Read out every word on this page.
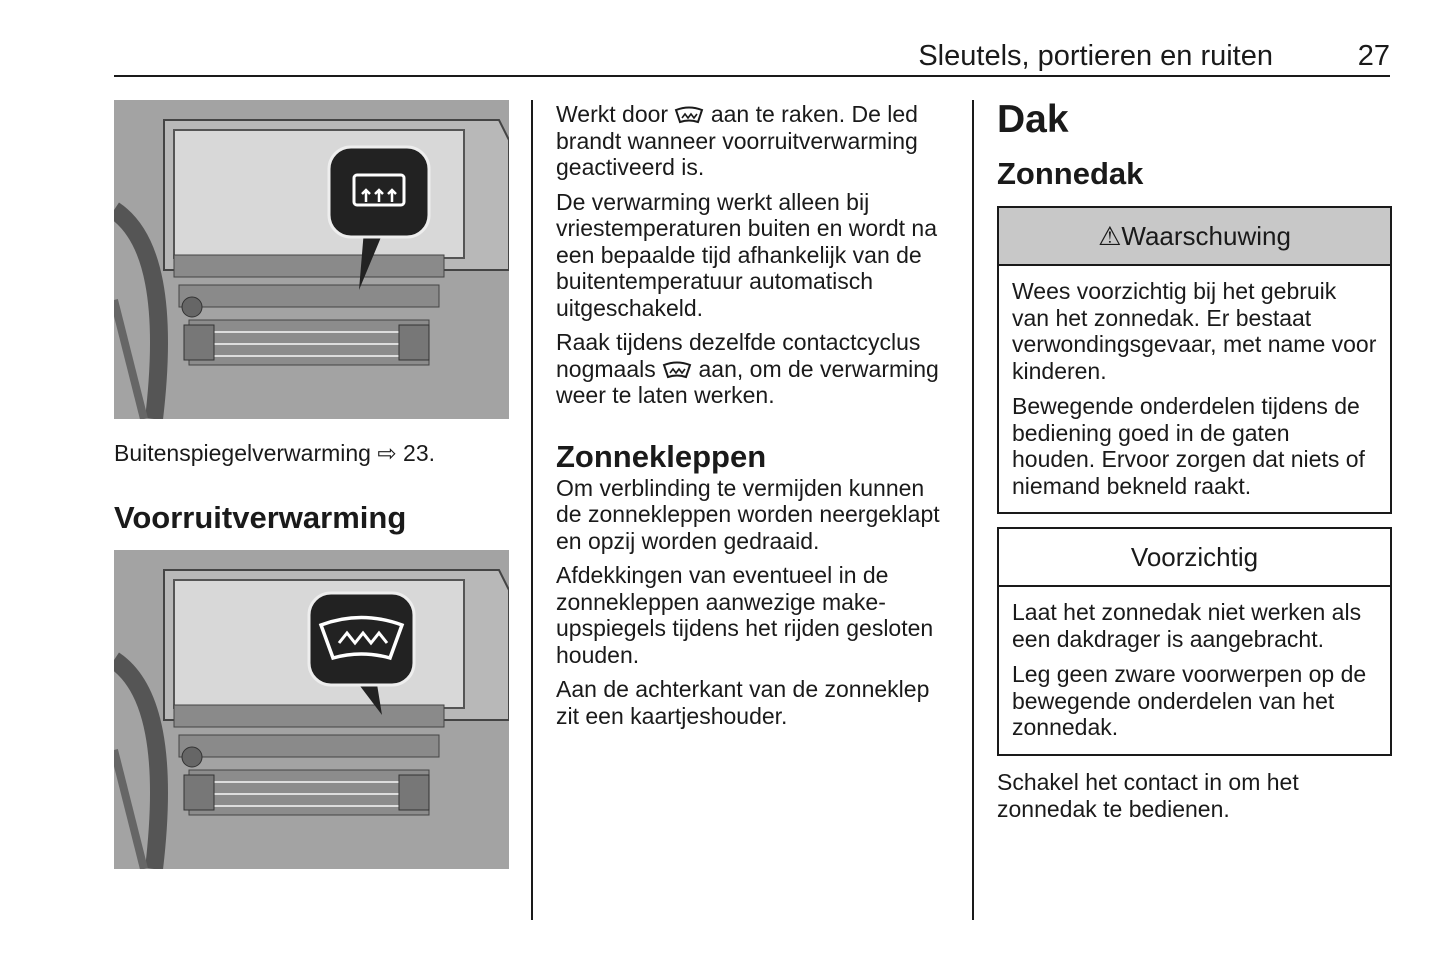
Sleutels, portieren en ruiten	27
Buitenspiegelverwarming ⇨ 23.
Voorruitverwarming

Werkt door aan te raken. De led brandt wanneer voorruitverwarming geactiveerd is.

De verwarming werkt alleen bij vriestemperaturen buiten en wordt na een bepaalde tijd afhankelijk van de buitentemperatuur automatisch uitgeschakeld.

Raak tijdens dezelfde contactcyclus nogmaals aan, om de verwarming weer te laten werken.

Zonnekleppen

Om verblinding te vermijden kunnen de zonnekleppen worden neergeklapt en opzij worden gedraaid.

Afdekkingen van eventueel in de zonnekleppen aanwezige make-upspiegels tijdens het rijden gesloten houden.

Aan de achterkant van de zonneklep zit een kaartjeshouder.

Dak
Zonnedak
⚠ Waarschuwing

Wees voorzichtig bij het gebruik van het zonnedak. Er bestaat verwondingsgevaar, met name voor kinderen.

Bewegende onderdelen tijdens de bediening goed in de gaten houden. Ervoor zorgen dat niets of niemand bekneld raakt.

Voorzichtig

Laat het zonnedak niet werken als een dakdrager is aangebracht.

Leg geen zware voorwerpen op de bewegende onderdelen van het zonnedak.

Schakel het contact in om het zonnedak te bedienen.
